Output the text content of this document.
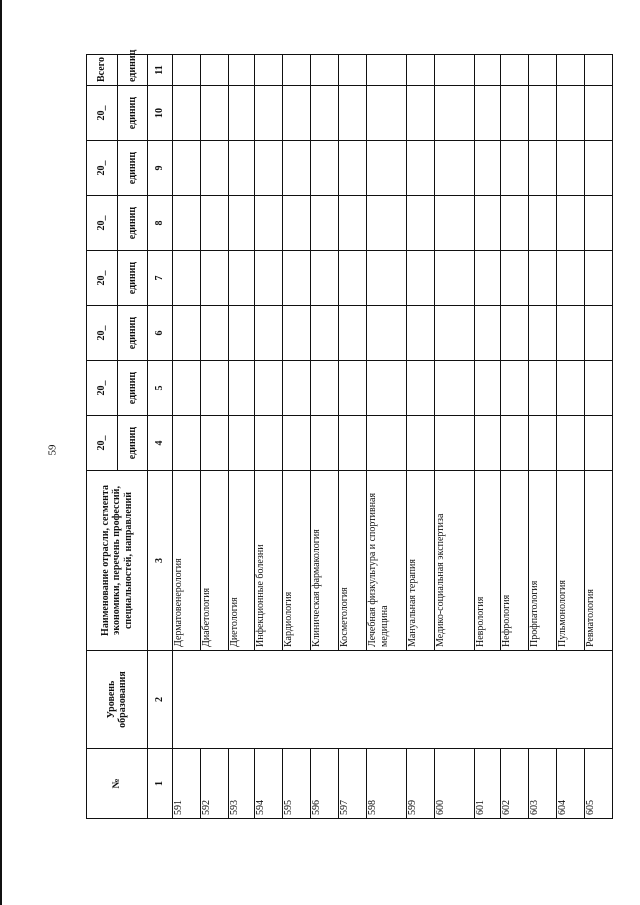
59
№	Уровень образования	Наименование отрасли, сегмента экономики, перечень профессий, специальностей, направлений	20_	20_	20_	20_	20_	20_	20_	Всего
			единиц	единиц	единиц	единиц	единиц	единиц	единиц	единиц
1	2	3	4	5	6	7	8	9	10	11
591		Дерматовенерология								
592		Диабетология								
593		Диетология								
594		Инфекционные болезни								
595		Кардиология								
596		Клиническая фармакология								
597		Косметология								
598		Лечебная физкультура и спортивная медицина								
599		Мануальная терапия								
600		Медико-социальная экспертиза								
601		Неврология								
602		Нефрология								
603		Профпатология								
604		Пульмонология								
605		Ревматология								
